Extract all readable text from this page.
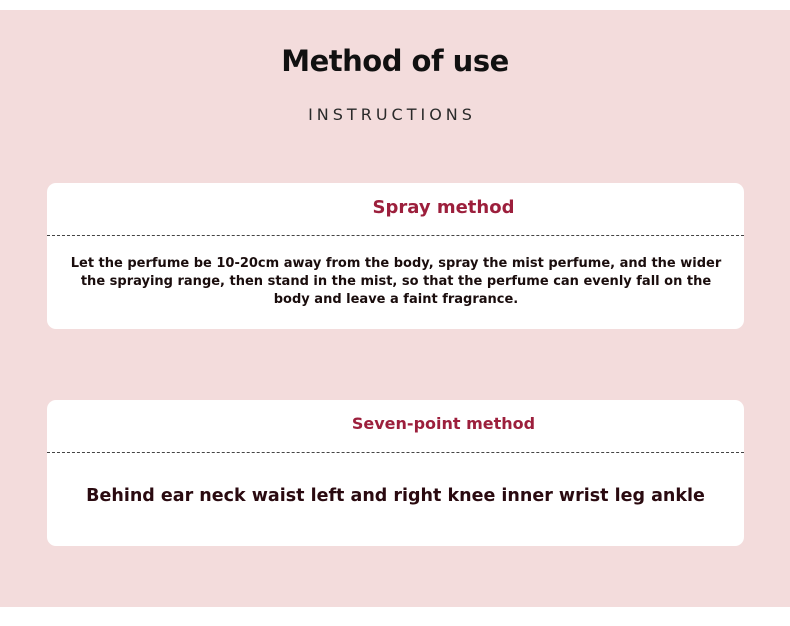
Method of use
INSTRUCTIONS
Spray method
Let the perfume be 10-20cm away from the body, spray the mist perfume, and the wider the spraying range, then stand in the mist, so that the perfume can evenly fall on the body and leave a faint fragrance.
Seven-point method
Behind ear neck waist left and right knee inner wrist leg ankle
